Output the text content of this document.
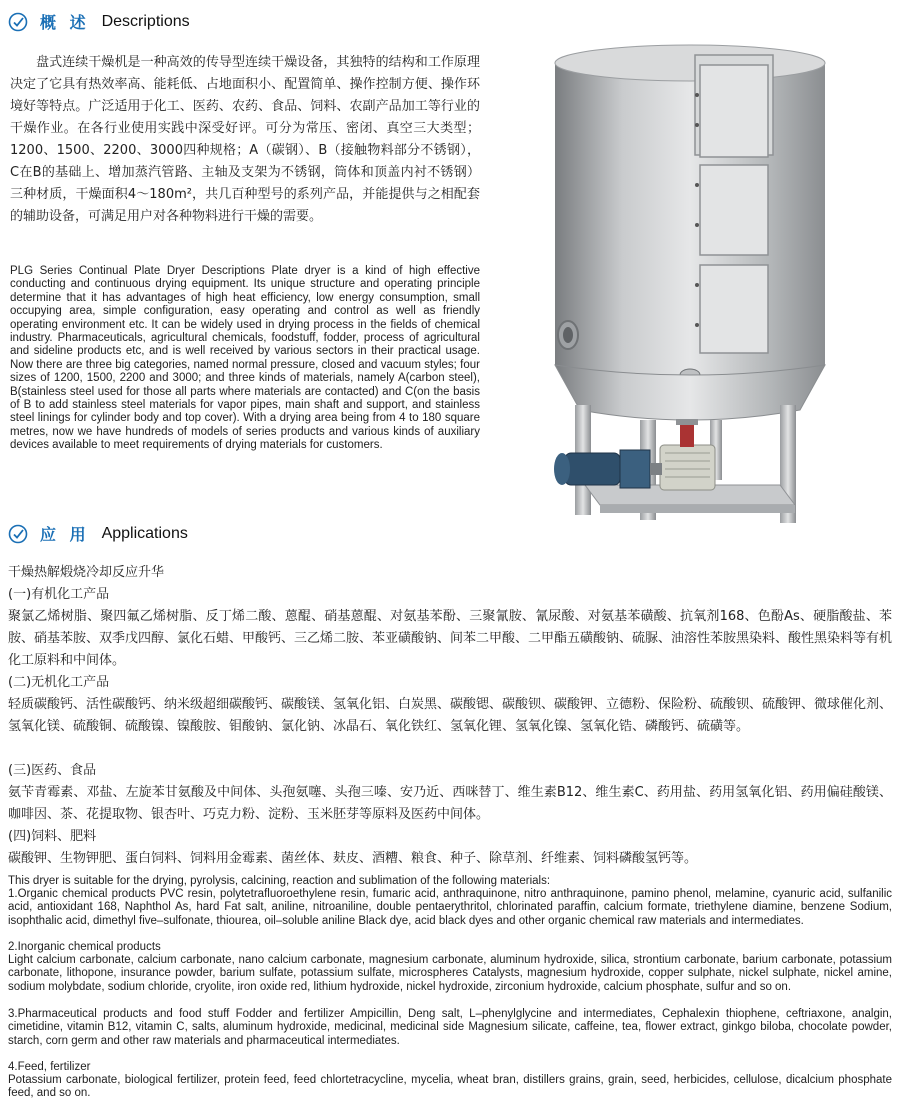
概 述 Descriptions

　　盘式连续干燥机是一种高效的传导型连续干燥设备，其独特的结构和工作原理决定了它具有热效率高、能耗低、占地面积小、配置简单、操作控制方便、操作环境好等特点。广泛适用于化工、医药、农药、食品、饲料、农副产品加工等行业的干燥作业。在各行业使用实践中深受好评。可分为常压、密闭、真空三大类型；1200、1500、2200、3000四种规格；A（碳钢）、B（接触物料部分不锈钢），C在B的基础上、增加蒸汽管路、主轴及支架为不锈钢，筒体和顶盖内衬不锈钢）三种材质，干燥面积4～180m²，共几百种型号的系列产品，并能提供与之相配套的辅助设备，可满足用户对各种物料进行干燥的需要。

PLG Series Continual Plate Dryer Descriptions Plate dryer is a kind of high effective conducting and continuous drying equipment. Its unique structure and operating principle determine that it has advantages of high heat efficiency, low energy consumption, small occupying area, simple configuration, easy operating and control as well as friendly operating environment etc. It can be widely used in drying process in the fields of chemical industry. Pharmaceuticals, agricultural chemicals, foodstuff, fodder, process of agricultural and sideline products etc, and is well received by various sectors in their practical usage. Now there are three big categories, named normal pressure, closed and vacuum styles; four sizes of 1200, 1500, 2200 and 3000; and three kinds of materials, namely A(carbon steel), B(stainless steel used for those all parts where materials are contacted) and C(on the basis of B to add stainless steel materials for vapor pipes, main shaft and support, and stainless steel linings for cylinder body and top cover). With a drying area being from 4 to 180 square metres, now we have hundreds of models of series products and various kinds of auxiliary devices available to meet requirements of drying materials for customers.

应 用 Applications

干燥热解煅烧冷却反应升华

(一)有机化工产品

聚氯乙烯树脂、聚四氟乙烯树脂、反丁烯二酸、蒽醌、硝基蒽醌、对氨基苯酚、三聚氰胺、氰尿酸、对氨基苯磺酸、抗氧剂168、色酚As、硬脂酸盐、苯胺、硝基苯胺、双季戊四醇、氯化石蜡、甲酸钙、三乙烯二胺、苯亚磺酸钠、间苯二甲酸、二甲酯五磺酸钠、硫脲、油溶性苯胺黑染料、酸性黑染料等有机化工原料和中间体。

(二)无机化工产品

轻质碳酸钙、活性碳酸钙、纳米级超细碳酸钙、碳酸镁、氢氧化铝、白炭黑、碳酸锶、碳酸钡、碳酸钾、立德粉、保险粉、硫酸钡、硫酸钾、微球催化剂、氢氧化镁、硫酸铜、硫酸镍、镍酸胺、钼酸钠、氯化钠、冰晶石、氧化铁红、氢氧化锂、氢氧化镍、氢氧化锆、磷酸钙、硫磺等。

(三)医药、食品

氨苄青霉素、邓盐、左旋苯甘氨酸及中间体、头孢氨噻、头孢三嗪、安乃近、西咪替丁、维生素B12、维生素C、药用盐、药用氢氧化铝、药用偏硅酸镁、咖啡因、茶、花提取物、银杏叶、巧克力粉、淀粉、玉米胚芽等原料及医药中间体。

(四)饲料、肥料

碳酸钾、生物钾肥、蛋白饲料、饲料用金霉素、菌丝体、麸皮、酒糟、粮食、种子、除草剂、纤维素、饲料磷酸氢钙等。

This dryer is suitable for the drying, pyrolysis, calcining, reaction and sublimation of the following materials:

1.Organic chemical products PVC resin, polytetrafluoroethylene resin, fumaric acid, anthraquinone, nitro anthraquinone, pamino phenol, melamine, cyanuric acid, sulfanilic acid, antioxidant 168, Naphthol As, hard Fat salt, aniline, nitroaniline, double pentaerythritol, chlorinated paraffin, calcium formate, triethylene diamine, benzene Sodium, isophthalic acid, dimethyl five–sulfonate, thiourea, oil–soluble aniline Black dye, acid black dyes and other organic chemical raw materials and intermediates.

2.Inorganic chemical products

Light calcium carbonate, calcium carbonate, nano calcium carbonate, magnesium carbonate, aluminum hydroxide, silica, strontium carbonate, barium carbonate, potassium carbonate, lithopone, insurance powder, barium sulfate, potassium sulfate, microspheres Catalysts, magnesium hydroxide, copper sulphate, nickel sulphate, nickel amine, sodium molybdate, sodium chloride, cryolite, iron oxide red, lithium hydroxide, nickel hydroxide, zirconium hydroxide, calcium phosphate, sulfur and so on.

3.Pharmaceutical products and food stuff Fodder and fertilizer Ampicillin, Deng salt, L–phenylglycine and intermediates, Cephalexin thiophene, ceftriaxone, analgin, cimetidine, vitamin B12, vitamin C, salts, aluminum hydroxide, medicinal, medicinal side Magnesium silicate, caffeine, tea, flower extract, ginkgo biloba, chocolate powder, starch, corn germ and other raw materials and pharmaceutical intermediates.

4.Feed, fertilizer

Potassium carbonate, biological fertilizer, protein feed, feed chlortetracycline, mycelia, wheat bran, distillers grains, grain, seed, herbicides, cellulose, dicalcium phosphate feed, and so on.
